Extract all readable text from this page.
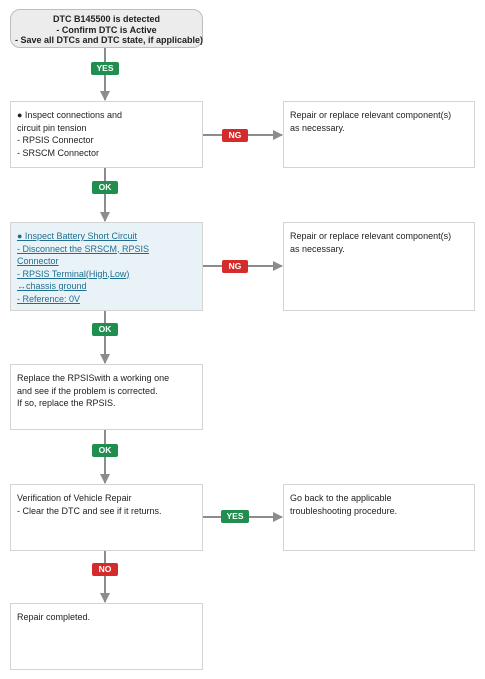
DTC B145500 is detected
- Confirm DTC is Active
- Save all DTCs and DTC state, if applicable)
● Inspect connections and
circuit pin tension
- RPSIS Connector
- SRSCM Connector
Repair or replace relevant component(s)
as necessary.
● Inspect Battery Short Circuit
- Disconnect the SRSCM, RPSIS
Connector
- RPSIS Terminal(High,Low)
↔chassis ground
- Reference: 0V
Repair or replace relevant component(s)
as necessary.
Replace the RPSISwith a working one
and see if the problem is corrected.
If so, replace the RPSIS.
Verification of Vehicle Repair
- Clear the DTC and see if it returns.
Go back to the applicable
troubleshooting procedure.
Repair completed.
YES
NG
OK
NG
OK
OK
YES
NO
